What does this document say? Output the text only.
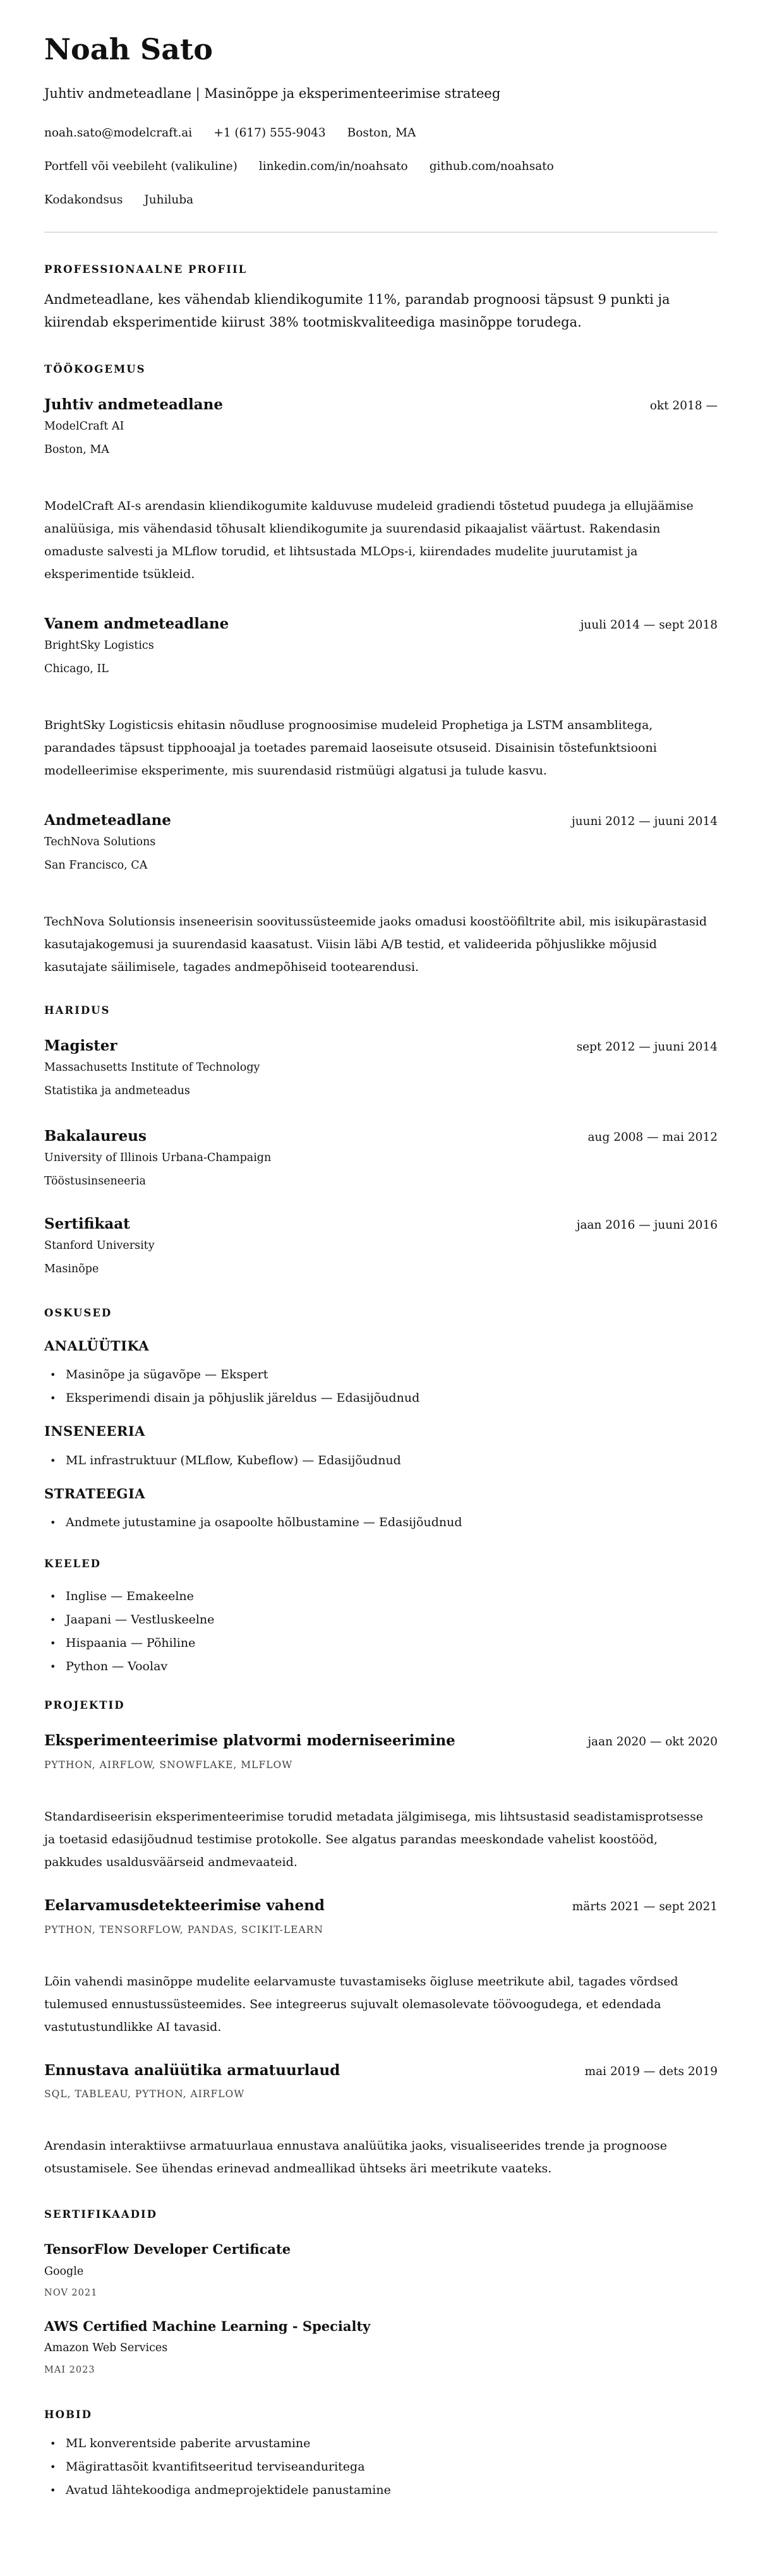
Noah Sato
Juhtiv andmeteadlane | Masinõppe ja eksperimenteerimise strateeg
noah.sato@modelcraft.ai +1 (617) 555-9043 Boston, MA
Portfell või veebileht (valikuline) linkedin.com/in/noahsato github.com/noahsato
Kodakondsus Juhiluba
PROFESSIONAALNE PROFIIL

Andmeteadlane, kes vähendab kliendikogumite 11%, parandab prognoosi täpsust 9 punkti ja kiirendab eksperimentide kiirust 38% tootmiskvaliteediga masinõppe torudega.

TÖÖKOGEMUS
Juhtiv andmeteadlane	okt 2018 —
ModelCraft AI
Boston, MA

ModelCraft AI-s arendasin kliendikogumite kalduvuse mudeleid gradiendi tõstetud puudega ja ellujäämise analüüsiga, mis vähendasid tõhusalt kliendikogumite ja suurendasid pikaajalist väärtust. Rakendasin omaduste salvesti ja MLflow torudid, et lihtsustada MLOps-i, kiirendades mudelite juurutamist ja eksperimentide tsükleid.

Vanem andmeteadlane	juuli 2014 — sept 2018
BrightSky Logistics
Chicago, IL

BrightSky Logisticsis ehitasin nõudluse prognoosimise mudeleid Prophetiga ja LSTM ansamblitega, parandades täpsust tipphooajal ja toetades paremaid laoseisute otsuseid. Disainisin tõstefunktsiooni modelleerimise eksperimente, mis suurendasid ristmüügi algatusi ja tulude kasvu.

Andmeteadlane	juuni 2012 — juuni 2014
TechNova Solutions
San Francisco, CA

TechNova Solutionsis inseneerisin soovitussüsteemide jaoks omadusi koostööfiltrite abil, mis isikupärastasid kasutajakogemusi ja suurendasid kaasatust. Viisin läbi A/B testid, et valideerida põhjuslikke mõjusid kasutajate säilimisele, tagades andmepõhiseid tootearendusi.

HARIDUS
Magister	sept 2012 — juuni 2014
Massachusetts Institute of Technology
Statistika ja andmeteadus
Bakalaureus	aug 2008 — mai 2012
University of Illinois Urbana-Champaign
Tööstusinseneeria
Sertifikaat	jaan 2016 — juuni 2016
Stanford University
Masinõpe
OSKUSED
ANALÜÜTIKA
• Masinõpe ja sügavõpe — Ekspert
• Eksperimendi disain ja põhjuslik järeldus — Edasijõudnud
INSENEERIA
• ML infrastruktuur (MLflow, Kubeflow) — Edasijõudnud
STRATEEGIA
• Andmete jutustamine ja osapoolte hõlbustamine — Edasijõudnud
KEELED
• Inglise — Emakeelne
• Jaapani — Vestluskeelne
• Hispaania — Põhiline
• Python — Voolav
PROJEKTID
Eksperimenteerimise platvormi moderniseerimine	jaan 2020 — okt 2020
PYTHON, AIRFLOW, SNOWFLAKE, MLFLOW

Standardiseerisin eksperimenteerimise torudid metadata jälgimisega, mis lihtsustasid seadistamisprotsesse ja toetasid edasijõudnud testimise protokolle. See algatus parandas meeskondade vahelist koostööd, pakkudes usaldusväärseid andmevaateid.

Eelarvamusdetekteerimise vahend	märts 2021 — sept 2021
PYTHON, TENSORFLOW, PANDAS, SCIKIT-LEARN

Lõin vahendi masinõppe mudelite eelarvamuste tuvastamiseks õigluse meetrikute abil, tagades võrdsed tulemused ennustussüsteemides. See integreerus sujuvalt olemasolevate töövoogudega, et edendada vastutustundlikke AI tavasid.

Ennustava analüütika armatuurlaud	mai 2019 — dets 2019
SQL, TABLEAU, PYTHON, AIRFLOW

Arendasin interaktiivse armatuurlaua ennustava analüütika jaoks, visualiseerides trende ja prognoose otsustamisele. See ühendas erinevad andmeallikad ühtseks äri meetrikute vaateks.

SERTIFIKAADID
TensorFlow Developer Certificate
Google
NOV 2021
AWS Certified Machine Learning - Specialty
Amazon Web Services
MAI 2023
HOBID
• ML konverentside paberite arvustamine
• Mägirattasõit kvantifitseeritud terviseanduritega
• Avatud lähtekoodiga andmeprojektidele panustamine
